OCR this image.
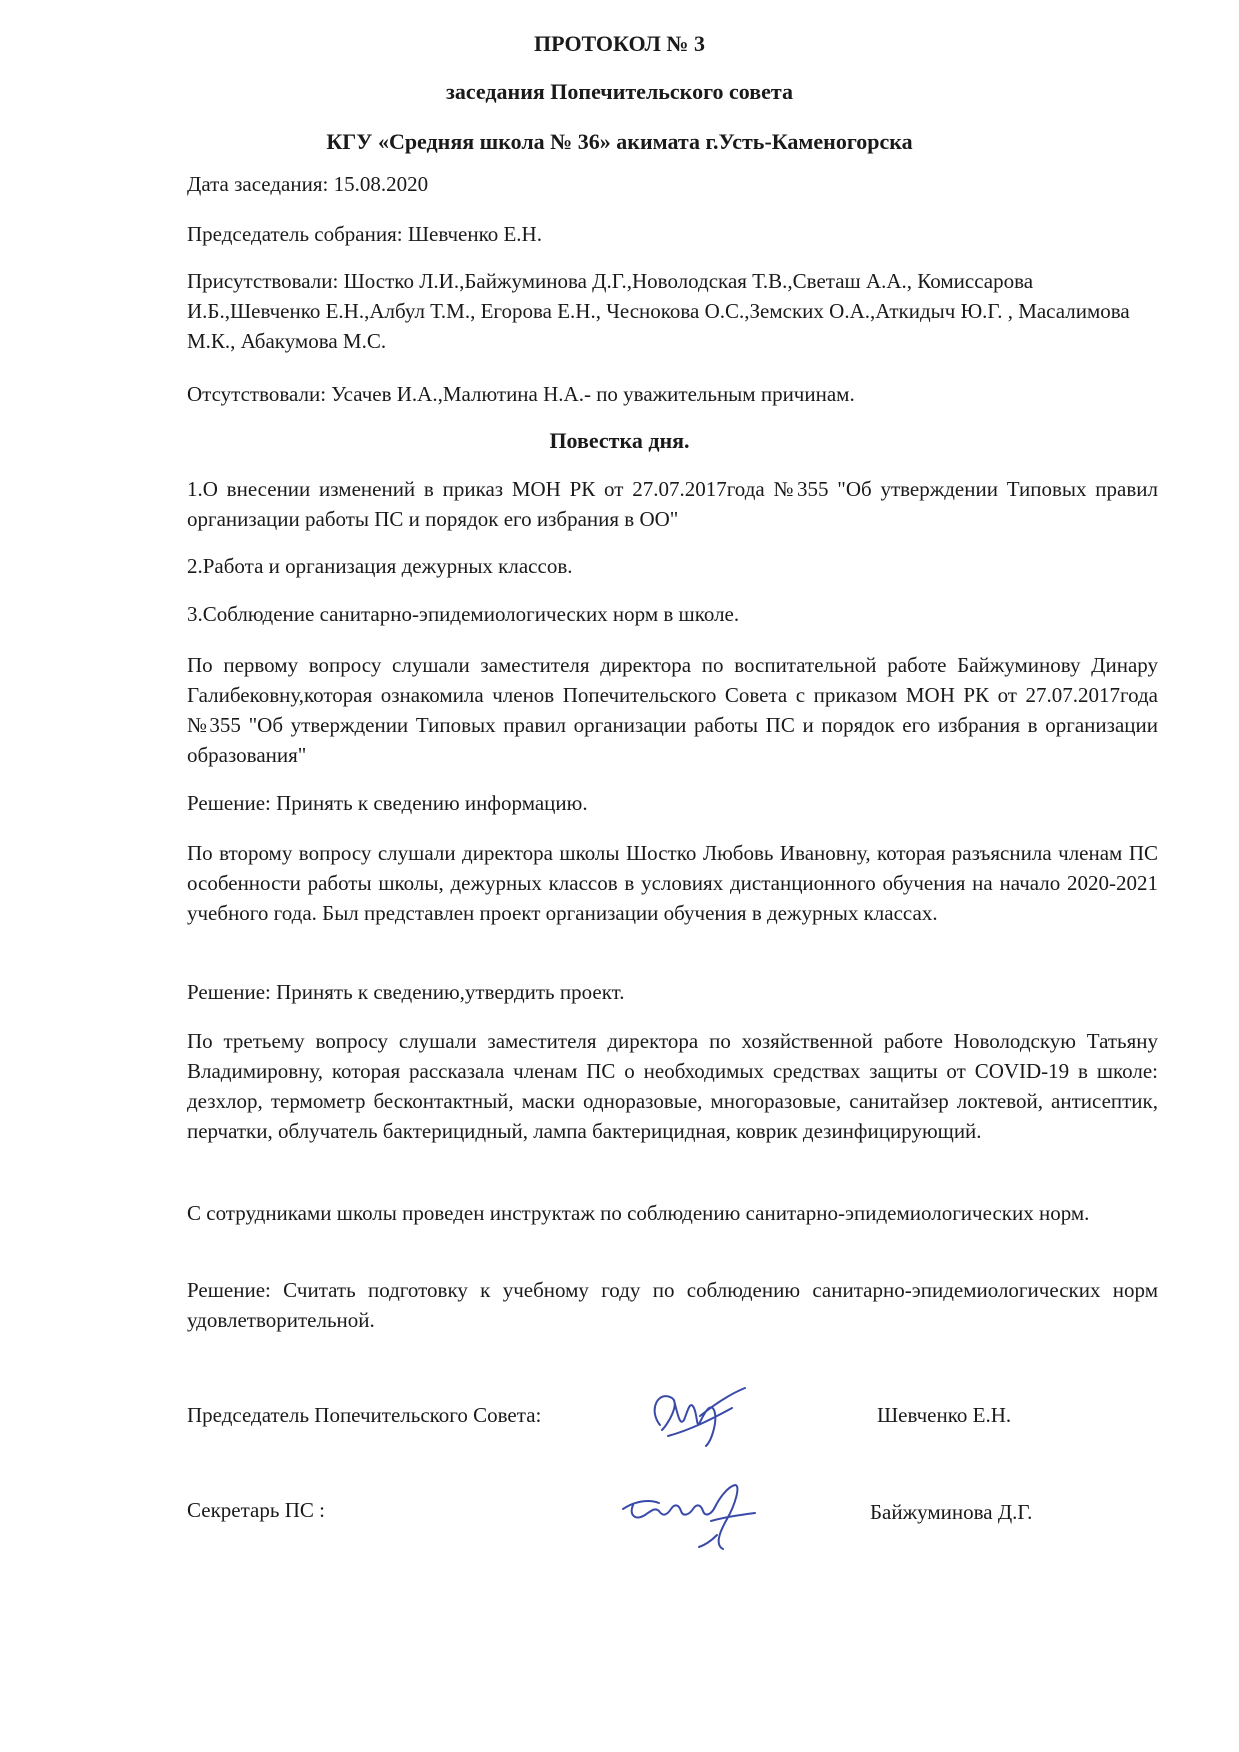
ПРОТОКОЛ № 3
заседания Попечительского совета
КГУ «Средняя школа № 36» акимата г.Усть-Каменогорска
Дата заседания: 15.08.2020
Председатель собрания: Шевченко Е.Н.
Присутствовали: Шостко Л.И.,Байжуминова Д.Г.,Новолодская Т.В.,Светаш А.А., Комиссарова И.Б.,Шевченко Е.Н.,Албул Т.М., Егорова Е.Н., Чеснокова О.С.,Земских О.А.,Аткидыч Ю.Г. , Масалимова М.К., Абакумова М.С.
Отсутствовали: Усачев И.А.,Малютина Н.А.- по уважительным причинам.
Повестка дня.
1.О внесении изменений в приказ МОН РК от 27.07.2017года №355 "Об утверждении Типовых правил организации работы ПС и порядок его избрания в ОО"
2.Работа и организация дежурных классов.
3.Соблюдение санитарно-эпидемиологических норм в школе.
По первому вопросу слушали заместителя директора по воспитательной работе Байжуминову Динару Галибековну,которая ознакомила членов Попечительского Совета с приказом МОН РК от 27.07.2017года №355 "Об утверждении Типовых правил организации работы ПС и порядок его избрания в организации образования"
Решение: Принять к сведению информацию.
По второму вопросу слушали директора школы Шостко Любовь Ивановну, которая разъяснила членам ПС особенности работы школы, дежурных классов в условиях дистанционного обучения на начало 2020-2021 учебного года. Был представлен проект организации обучения в дежурных классах.
Решение: Принять к сведению,утвердить проект.
По третьему вопросу слушали заместителя директора по хозяйственной работе Новолодскую Татьяну Владимировну, которая рассказала членам ПС о необходимых средствах защиты от COVID-19 в школе: дезхлор, термометр бесконтактный, маски одноразовые, многоразовые, санитайзер локтевой, антисептик, перчатки, облучатель бактерицидный, лампа бактерицидная, коврик дезинфицирующий.
С сотрудниками школы проведен инструктаж по соблюдению санитарно-эпидемиологических норм.
Решение: Считать подготовку к учебному году по соблюдению санитарно-эпидемиологических норм удовлетворительной.
Председатель Попечительского Совета:	Шевченко Е.Н.
Секретарь ПС :	Байжуминова Д.Г.
